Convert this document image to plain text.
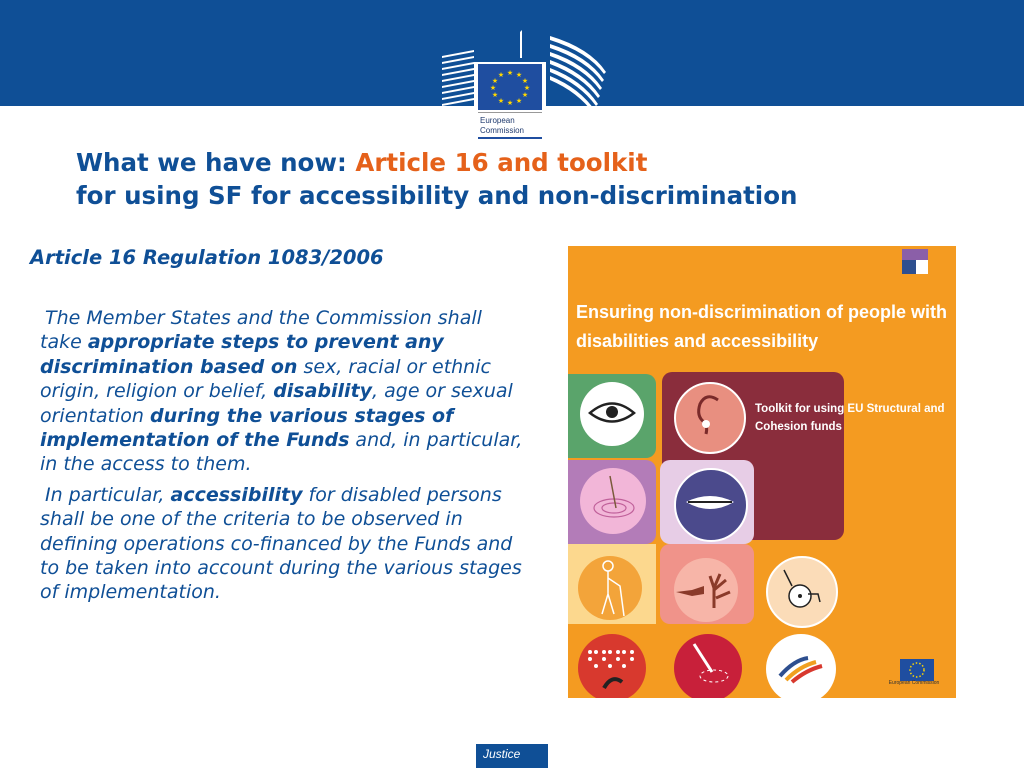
★ ★
★
★
★
★
★
★
★
★
★
★
European
Commission
What we have now: Article 16 and toolkit
for using SF for accessibility and non-discrimination
Article 16 Regulation 1083/2006

The Member States and the Commission shall take appropriate steps to prevent any discrimination based on sex, racial or ethnic origin, religion or belief, disability, age or sexual orientation during the various stages of implementation of the Funds and, in particular, in the access to them.

In particular, accessibility for disabled persons shall be one of the criteria to be observed in defining operations co-financed by the Funds and to be taken into account during the various stages of implementation.

Ensuring non-discrimination of people with disabilities and accessibility
Toolkit for using EU Structural and Cohesion funds
European Commission
Justice
